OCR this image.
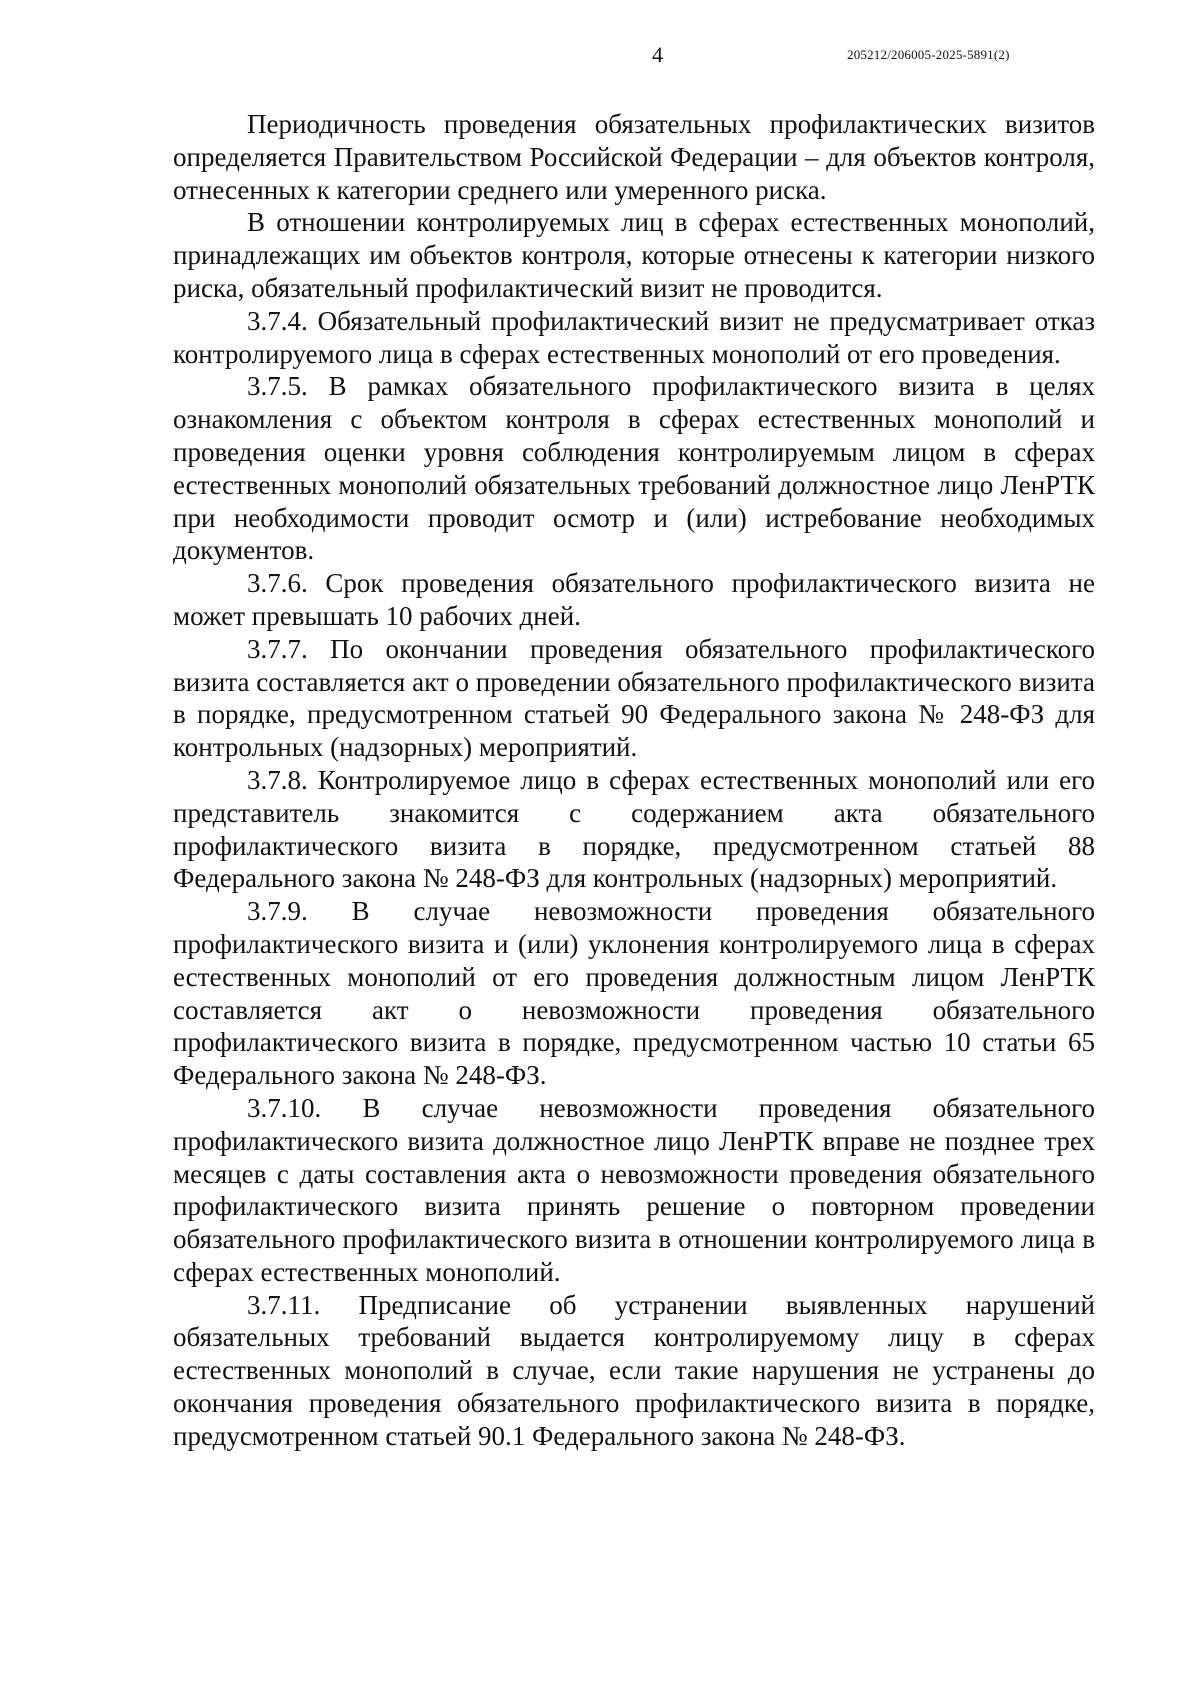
4	205212/206005-2025-5891(2)

Периодичность проведения обязательных профилактических визитов определяется Правительством Российской Федерации – для объектов контроля, отнесенных к категории среднего или умеренного риска.

В отношении контролируемых лиц в сферах естественных монополий, принадлежащих им объектов контроля, которые отнесены к категории низкого риска, обязательный профилактический визит не проводится.

3.7.4. Обязательный профилактический визит не предусматривает отказ контролируемого лица в сферах естественных монополий от его проведения.

3.7.5. В рамках обязательного профилактического визита в целях ознакомления с объектом контроля в сферах естественных монополий и проведения оценки уровня соблюдения контролируемым лицом в сферах естественных монополий обязательных требований должностное лицо ЛенРТК при необходимости проводит осмотр и (или) истребование необходимых документов.

3.7.6. Срок проведения обязательного профилактического визита не может превышать 10 рабочих дней.

3.7.7. По окончании проведения обязательного профилактического визита составляется акт о проведении обязательного профилактического визита в порядке, предусмотренном статьей 90 Федерального закона № 248-ФЗ для контрольных (надзорных) мероприятий.

3.7.8. Контролируемое лицо в сферах естественных монополий или его представитель знакомится с содержанием акта обязательного профилактического визита в порядке, предусмотренном статьей 88 Федерального закона № 248-ФЗ для контрольных (надзорных) мероприятий.

3.7.9. В случае невозможности проведения обязательного профилактического визита и (или) уклонения контролируемого лица в сферах естественных монополий от его проведения должностным лицом ЛенРТК составляется акт о невозможности проведения обязательного профилактического визита в порядке, предусмотренном частью 10 статьи 65 Федерального закона № 248-ФЗ.

3.7.10. В случае невозможности проведения обязательного профилактического визита должностное лицо ЛенРТК вправе не позднее трех месяцев с даты составления акта о невозможности проведения обязательного профилактического визита принять решение о повторном проведении обязательного профилактического визита в отношении контролируемого лица в сферах естественных монополий.

3.7.11. Предписание об устранении выявленных нарушений обязательных требований выдается контролируемому лицу в сферах естественных монополий в случае, если такие нарушения не устранены до окончания проведения обязательного профилактического визита в порядке, предусмотренном статьей 90.1 Федерального закона № 248-ФЗ.
